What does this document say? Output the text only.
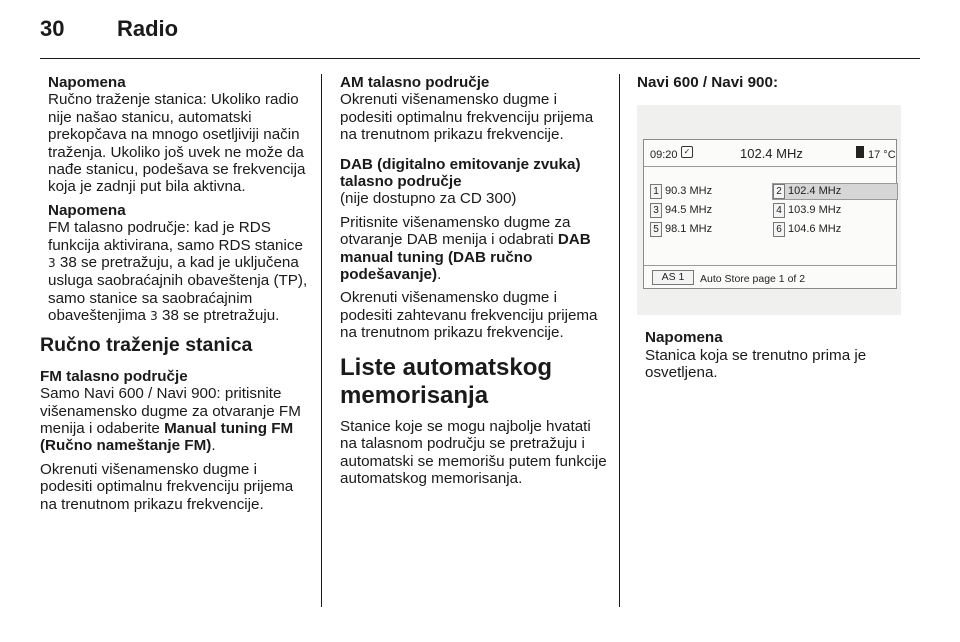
30 Radio
Napomena
Ručno traženje stanica: Ukoliko radio nije našao stanicu, automatski prekopčava na mnogo osetljiviji način traženja. Ukoliko još uvek ne može da nađe stanicu, podešava se frekvencija koja je zadnji put bila aktivna.
Napomena
FM talasno područje: kad je RDS funkcija aktivirana, samo RDS stanice 3 38 se pretražuju, a kad je uključena usluga saobraćajnih obaveštenja (TP), samo stanice sa saobraćajnim obaveštenjima 3 38 se ptretražuju.
Ručno traženje stanica
FM talasno područje

Samo Navi 600 / Navi 900: pritisnite višenamensko dugme za otvaranje FM menija i odaberite Manual tuning FM (Ručno nameštanje FM).

Okrenuti višenamensko dugme i podesiti optimalnu frekvenciju prijema na trenutnom prikazu frekvencije.

AM talasno područje

Okrenuti višenamensko dugme i podesiti optimalnu frekvenciju prijema na trenutnom prikazu frekvencije.

DAB (digitalno emitovanje zvuka) talasno područje

(nije dostupno za CD 300)

Pritisnite višenamensko dugme za otvaranje DAB menija i odabrati DAB manual tuning (DAB ručno podešavanje).

Okrenuti višenamensko dugme i podesiti zahtevanu frekvenciju prijema na trenutnom prikazu frekvencije.

Liste automatskog memorisanja

Stanice koje se mogu najbolje hvatati na talasnom području se pretražuju i automatski se memorišu putem funkcije automatskog memorisanja.

Navi 600 / Navi 900:
09:20 ✓	102.4 MHz	17 °C
1 90.3 MHz	2 102.4 MHz
3 94.5 MHz	4 103.9 MHz
5 98.1 MHz	6 104.6 MHz
AS 1	Auto Store page 1 of 2
Napomena
Stanica koja se trenutno prima je osvetljena.
